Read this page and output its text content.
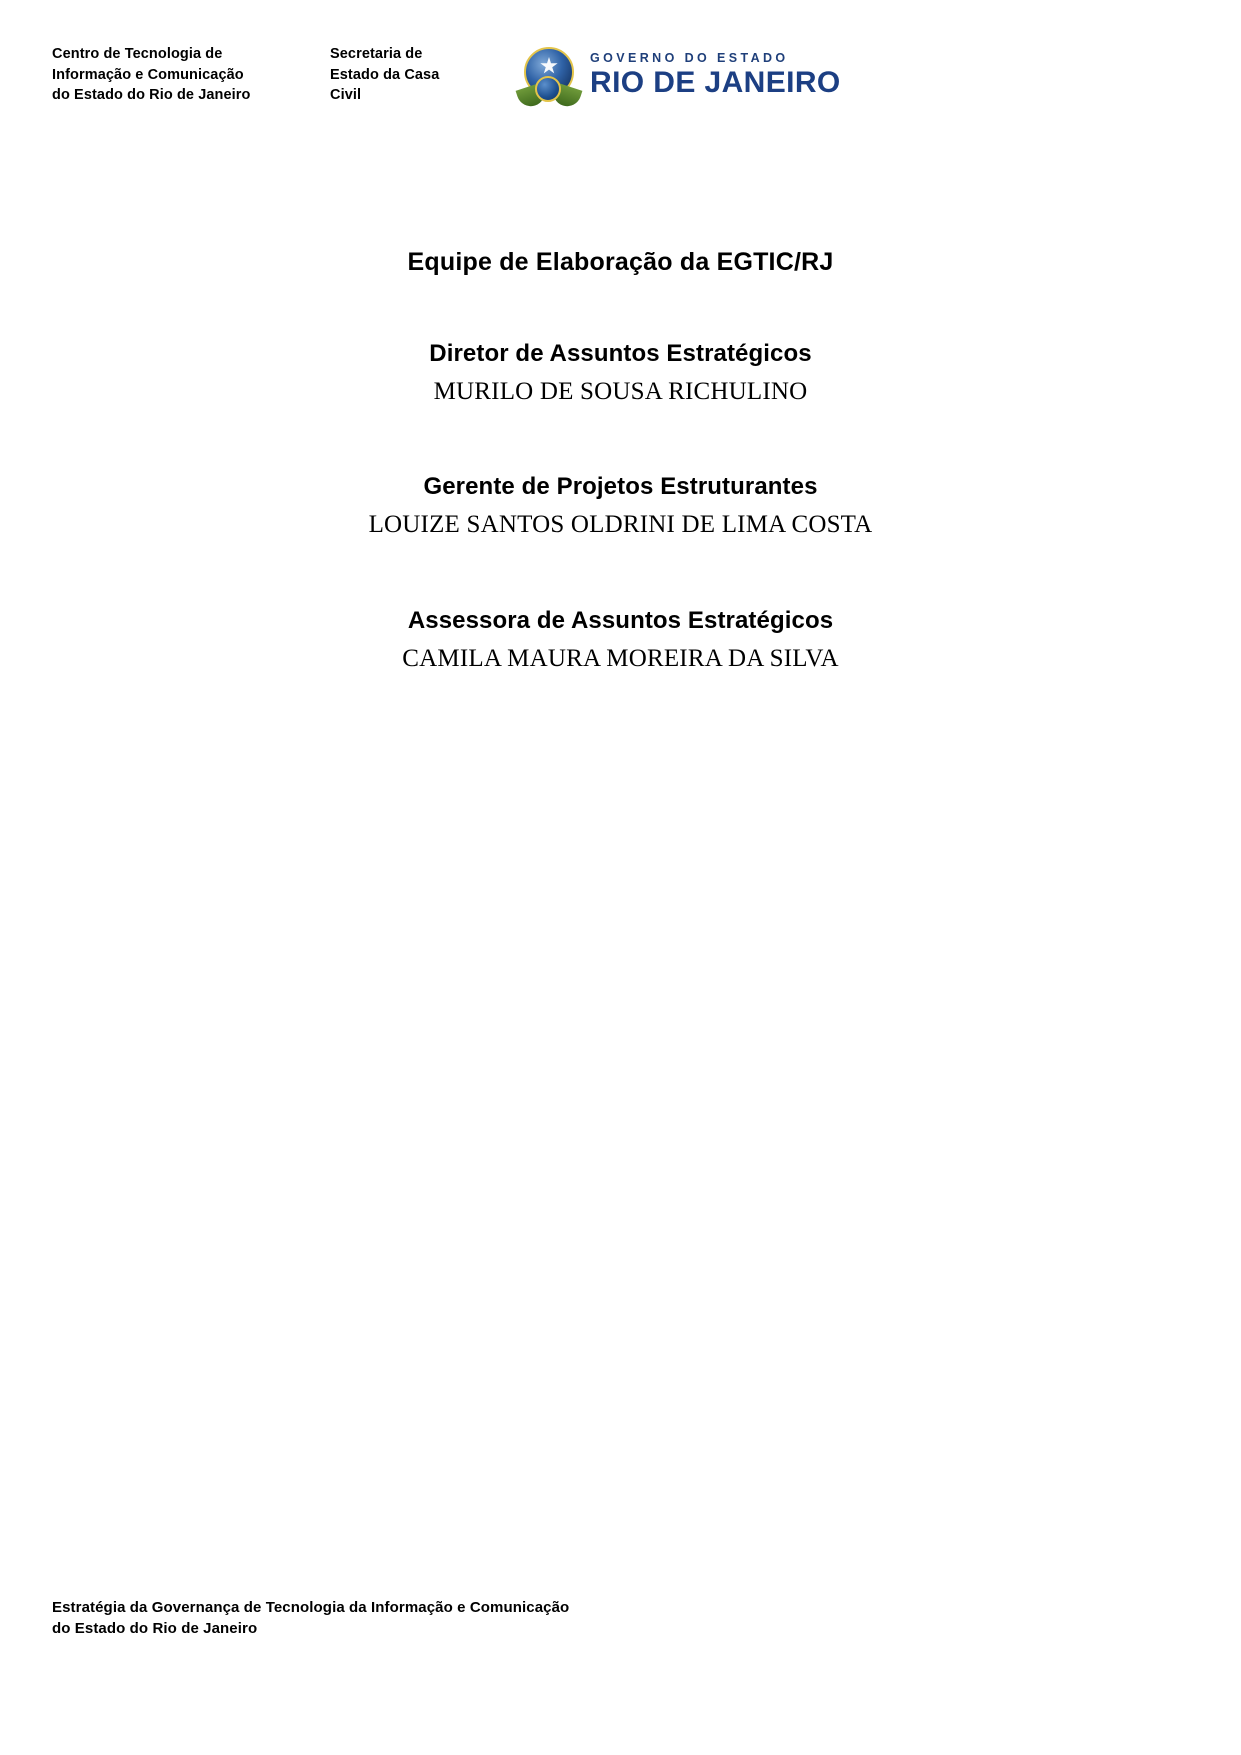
Centro de Tecnologia de
Informação e Comunicação
do Estado do Rio de Janeiro
Secretaria de
Estado da Casa
Civil
GOVERNO DO ESTADO
RIO DE JANEIRO
Equipe de Elaboração da EGTIC/RJ
Diretor de Assuntos Estratégicos
MURILO DE SOUSA RICHULINO
Gerente de Projetos Estruturantes
LOUIZE SANTOS OLDRINI DE LIMA COSTA
Assessora de Assuntos Estratégicos
CAMILA MAURA MOREIRA DA SILVA
Estratégia da Governança de Tecnologia da Informação e Comunicação
do Estado do Rio de Janeiro
